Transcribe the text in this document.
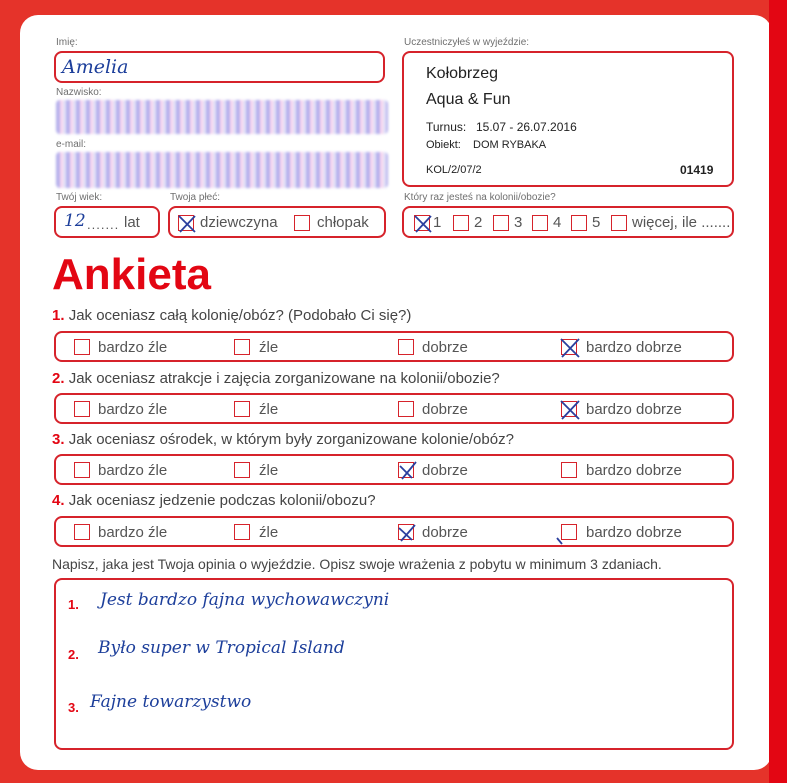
Imię:
Amelia
Nazwisko:
e-mail:
Twój wiek:
12 ....... lat
Twoja płeć:
dziewczyna	chłopak
Uczestniczyłeś w wyjeździe:
Kołobrzeg
Aqua & Fun
Turnus: 15.07 - 26.07.2016
Obiekt: DOM RYBAKA
KOL/2/07/2	01419
Który raz jesteś na kolonii/obozie?
1 2 3 4 5 więcej, ile .......
Ankieta
1. Jak oceniasz całą kolonię/obóz? (Podobało Ci się?)
bardzo źle	źle	dobrze	bardzo dobrze
2. Jak oceniasz atrakcje i zajęcia zorganizowane na kolonii/obozie?
bardzo źle	źle	dobrze	bardzo dobrze
3. Jak oceniasz ośrodek, w którym były zorganizowane kolonie/obóz?
bardzo źle	źle	dobrze	bardzo dobrze
4. Jak oceniasz jedzenie podczas kolonii/obozu?
bardzo źle	źle	dobrze	bardzo dobrze
Napisz, jaka jest Twoja opinia o wyjeździe. Opisz swoje wrażenia z pobytu w minimum 3 zdaniach.
1. Jest bardzo fajna wychowawczyni
2. Było super w Tropical Island
3. Fajne towarzystwo
